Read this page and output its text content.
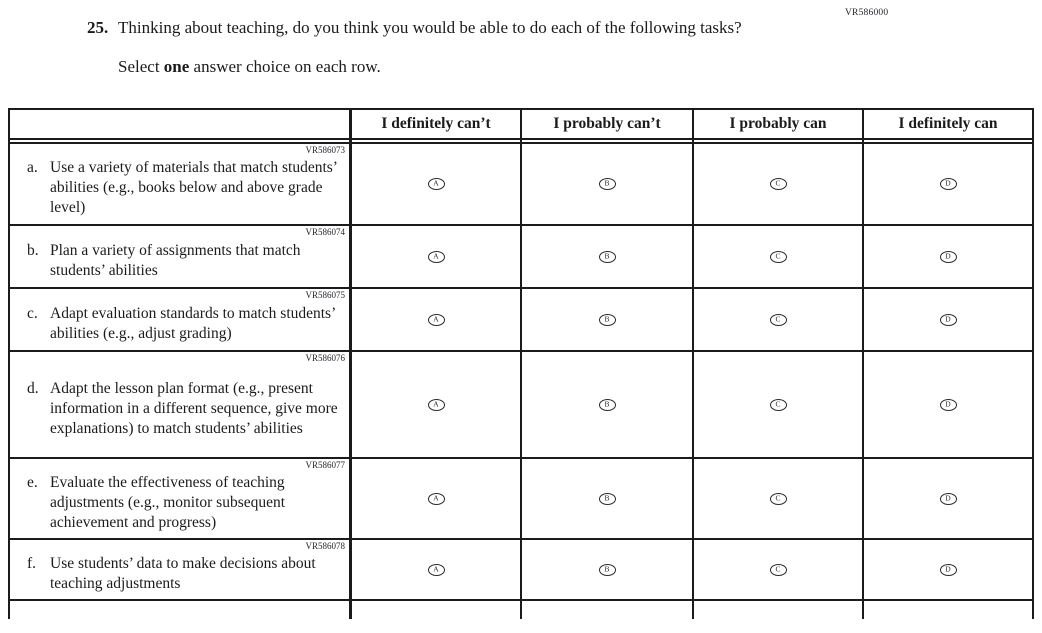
VR586000
25. Thinking about teaching, do you think you would be able to do each of the following tasks?

Select one answer choice on each row.

I definitely can’t	I probably can’t	I probably can	I definitely can
VR586073
a. Use a variety of materials that match students’ abilities (e.g., books below and above grade level)
A	B	C	D
VR586074
b. Plan a variety of assignments that match students’ abilities
A	B	C	D
VR586075
c. Adapt evaluation standards to match students’ abilities (e.g., adjust grading)
A	B	C	D
VR586076
d. Adapt the lesson plan format (e.g., present information in a different sequence, give more explanations) to match students’ abilities
A	B	C	D
VR586077
e. Evaluate the effectiveness of teaching adjustments (e.g., monitor subsequent achievement and progress)
A	B	C	D
VR586078
f. Use students’ data to make decisions about teaching adjustments
A	B	C	D
